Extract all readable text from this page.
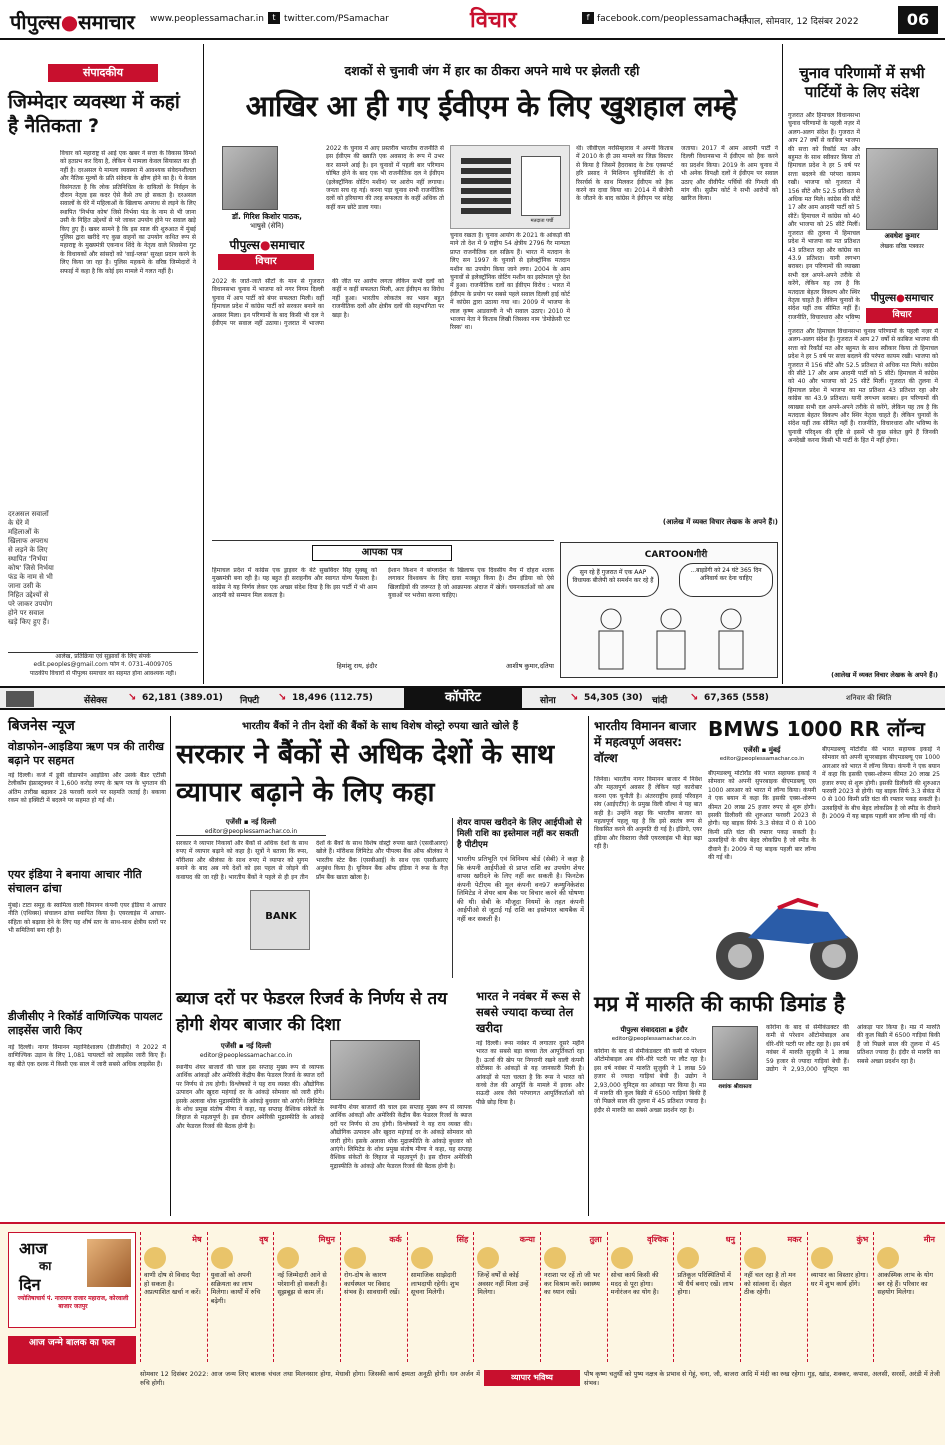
पीपुल्स●समाचार www.peoplessamachar.in	t twitter.com/PSamachar	विचार	f facebook.com/peoplessamachar1
भोपाल, सोमवार, 12 दिसंबर 2022	06
संपादकीय
जिम्मेदार व्यवस्था में कहां है नैतिकता ?
विचार को महाराष्ट्र से आई एक खबर ने सत्ता के विकास विमर्श को हतप्रभ कर दिया है, लेकिन ये मामला केवल सियासत का ही नहीं है। दरअसल ये मामला व्यवस्था में आवश्यक संवेदनशीलता और नैतिक मूल्यों के प्रति संवेदना के क्षीण होने का है। ये केवल विसंगतता है कि लोक प्रतिनिधित्व के दायित्वों के निर्वहन के दौरान नेतृत्व इस कदर ऐसे कैसे तय हो सकता है। दरअसल सवालों के घेरे में महिलाओं के खिलाफ अपराध से लड़ने के लिए स्थापित 'निर्भया कोष' जिसे निर्भया फंड के नाम से भी जाना उसी के निहित उद्देश्यों से परे जाकर उपयोग होने पर सवाल खड़े किए हुए हैं। खबर सामने है कि इस साल की शुरुआत में मुंबई पुलिस द्वारा खरीदे गए कुछ वाहनों का उपयोग कथित रूप से महाराष्ट्र के मुख्यमंत्री एकनाथ शिंदे के नेतृत्व वाले शिवसेना गुट के विधायकों और सांसदों को 'वाई-प्लस' सुरक्षा प्रदान करने के लिए किया जा रहा है। पुलिस महकमे के वरिष्ठ जिम्मेदारों ने सफाई में कहा है कि कोई इस मामले में गलत नहीं है।
दरअसल सवालों के घेरे में महिलाओं के खिलाफ अपराध से लड़ने के लिए स्थापित 'निर्भया कोष' जिसे निर्भया फंड के नाम से भी जाना उसी के निहित उद्देश्यों से परे जाकर उपयोग होने पर सवाल खड़े किए हुए हैं।
आलेख, प्रतिक्रिया एवं सुझावों के लिए संपर्क
edit.peoples@gmail.com फोन नं. 0731-4009705
पाठकीय विचारों से पीपुल्स समाचार का सहमत होना आवश्यक नहीं।
दशकों से चुनावी जंग में हार का ठीकरा अपने माथे पर झेलती रही
आखिर आ ही गए ईवीएम के लिए खुशहाल लम्हे
डॉ. गिरिश किशोर पाठक,
भाषुसे (सेनि)
पीपुल्स●समाचार
विचार
2022 के चुनाव में आए प्रस्तरीय भारतीय राजनीति से इस ईवीएम की ख्याति एक अवसाद के रूप में उभर कर सामने आई है। इन चुनावों में पहली बार परिणाम घोषित होने के बाद एक भी राजनीतिक दल ने ईवीएम (इलेक्ट्रॉनिक वोटिंग मशीन) पर आरोप नहीं लगाया। जनता सच रह गई। करना पड़ा चुनाव सभी राजनीतिक दलों को हरियाणा की तरह सफलता के कहीं अधिक तो कहीं कम छोटे डाला गया।
2022 के जाते-जाते सीटों के मान से गुजरात विधानसभा चुनाव में भाजपा को नगर निगम दिल्ली चुनाव में आप पार्टी को बंपर सफलता मिली। वहीं हिमाचल प्रदेश में कांग्रेस पार्टी को सरकार बनाने का अवसर मिला। इन परिणामों के बाद किसी भी दल ने ईवीएम पर सवाल नहीं उठाया। गुजरात में भाजपा की जीत पर आरोप लगता लेकिन सभी दलों को कहीं न कहीं सफलता मिली, अतः ईवीएम का विरोध नहीं हुआ। भारतीय लोकतंत्र का भवन बहुत राजनीतिक दलों और क्षेत्रीय दलों की सहभागिता पर खड़ा है।
मतदाता पर्ची
चुनाव रखता है। चुनाव आयोग के 2021 के आंकड़ों की माने तो देश में 9 राष्ट्रीय 54 क्षेत्रीय 2796 गैर मान्यता प्राप्त राजनीतिक दल सक्रिय हैं। भारत में मतदान के लिए सन 1997 के चुनावों से इलेक्ट्रॉनिक मतदान मशीन का उपयोग किया जाने लगा। 2004 के आम चुनावों से इलेक्ट्रॉनिक वोटिंग मशीन का इस्तेमाल पूरे देश में हुआ। राजनीतिक दलों का ईवीएम विरोध : भारत में ईवीएम के प्रयोग पर सबसे पहले सवाल दिल्ली हाई कोर्ट में कांग्रेस द्वारा उठाया गया था। 2009 में भाजपा के लाल कृष्ण आडवाणी ने भी सवाल उठाए। 2010 में भाजपा नेता ने किताब लिखी जिसका नाम 'डेमोक्रेसी एट रिस्क' था।
थी। जीवीएल नरसिम्हाराव ने अपनी किताब में 2010 के ही उस मामले का जिक्र विस्तार से किया है जिसमें हैदराबाद के टेक एक्सपर्ट हरि प्रसाद ने मिशिगन यूनिवर्सिटी के दो रिसर्चर्स के साथ मिलकर ईवीएम को हैक करने का दावा किया था। 2014 में बीजेपी के जीतने के बाद कांग्रेस ने ईवीएम पर संदेह जताया। 2017 में आम आदमी पार्टी ने दिल्ली विधानसभा में ईवीएम को हैक करने का प्रदर्शन किया। 2019 के आम चुनाव में भी अनेक विपक्षी दलों ने ईवीएम पर सवाल उठाए और वीवीपैट पर्चियों की गिनती की मांग की। सुप्रीम कोर्ट ने सभी आरोपों को खारिज किया।
(आलेख में व्यक्त विचार लेखक के अपने हैं।)
चुनाव परिणामों में सभी पार्टियों के लिए संदेश
गुजरात और हिमाचल विधानसभा चुनाव परिणामों के पहली नज़र में अलग-अलग संदेश हैं। गुजरात में आप 27 वर्षों से काबिज भाजपा की सत्ता को रिकॉर्ड मत और बहुमत के साथ स्वीकार किया तो हिमाचल प्रदेश ने हर 5 वर्ष पर सत्ता बदलने की परंपरा कायम रखी। भाजपा को गुजरात में 156 सीटें और 52.5 प्रतिशत से अधिक मत मिले। कांग्रेस की सीटें 17 और आम आदमी पार्टी को 5 सीटें। हिमाचल में कांग्रेस को 40 और भाजपा को 25 सीटें मिलीं। गुजरात की तुलना में हिमाचल प्रदेश में भाजपा का मत प्रतिशत 43 प्रतिशत रहा और कांग्रेस का 43.9 प्रतिशत। यानी लगभग बराबर। इन परिणामों की व्याख्या सभी दल अपने-अपने तरीके से करेंगे, लेकिन यह तय है कि मतदाता बेहतर विकल्प और स्थिर नेतृत्व चाहते हैं। लेकिन चुनावों के संदेश यहीं तक सीमित नहीं हैं। राजनीति, विचारधारा और भविष्य
अवधेश कुमार
लेखक वरिष्ठ पत्रकार
पीपुल्स●समाचार
विचार
गुजरात और हिमाचल विधानसभा चुनाव परिणामों के पहली नज़र में अलग-अलग संदेश हैं। गुजरात में आप 27 वर्षों से काबिज भाजपा की सत्ता को रिकॉर्ड मत और बहुमत के साथ स्वीकार किया तो हिमाचल प्रदेश ने हर 5 वर्ष पर सत्ता बदलने की परंपरा कायम रखी। भाजपा को गुजरात में 156 सीटें और 52.5 प्रतिशत से अधिक मत मिले। कांग्रेस की सीटें 17 और आम आदमी पार्टी को 5 सीटें। हिमाचल में कांग्रेस को 40 और भाजपा को 25 सीटें मिलीं। गुजरात की तुलना में हिमाचल प्रदेश में भाजपा का मत प्रतिशत 43 प्रतिशत रहा और कांग्रेस का 43.9 प्रतिशत। यानी लगभग बराबर। इन परिणामों की व्याख्या सभी दल अपने-अपने तरीके से करेंगे, लेकिन यह तय है कि मतदाता बेहतर विकल्प और स्थिर नेतृत्व चाहते हैं। लेकिन चुनावों के संदेश यहीं तक सीमित नहीं हैं। राजनीति, विचारधारा और भविष्य के चुनावी परिदृश्य की दृष्टि से इसमें भी कुछ संकेत छुपे हैं जिनकी अनदेखी करना किसी भी पार्टी के हित में नहीं होगा।
(आलेख में व्यक्त विचार लेखक के अपने हैं।)
आपका पत्र
हिमाचल प्रदेश में कांग्रेस एक ड्राइवर के बेटे सुखविंदर सिंह सुक्खू को मुख्यमंत्री बना रही है। यह बहुत ही सराहनीय और स्वागत योग्य फैसला है। कांग्रेस ने यह निर्णय लेकर एक अच्छा संदेश दिया है कि इस पार्टी में भी आम आदमी को सम्मान मिल सकता है।
हिमांशु राय, इंदौर
ईशान किशन ने बांग्लादेश के खिलाफ एक दिवसीय मैच में दोहरा शतक लगाकर विश्वकप के लिए दावा मजबूत किया है। टीम इंडिया को ऐसे खिलाड़ियों की जरूरत है जो आक्रामक अंदाज में खेलें। चयनकर्ताओं को अब युवाओं पर भरोसा करना चाहिए।
आशीष कुमार,दतिया
CARTOONगीरी
सुन रहे हैं गुजरात में एक AAP विधायक बीजेपी को समर्थन कर रहे हैं
...बाइडेंगी को 24 घंटे 365 दिन अनिवार्य कर देना चाहिए
सेंसेक्स ↘ 62,181 (389.01) निफ्टी ↘ 18,496 (112.75)	कॉर्पोरेट	सोना ↘ 54,305 (30) चांदी ↘ 67,365 (558)	शनिवार की स्थिति
बिजनेस न्यूज
वोडाफोन-आइडिया ऋण पत्र की तारीख बढ़ाने पर सहमत
नई दिल्ली। कर्ज में डूबी वोडाफोन आइडिया और उसके बैंडर एटीसी टेलीकॉम इंफ्रास्ट्रक्चर ने 1,600 करोड़ रुपए के ऋण पत्र के भुगतान की अंतिम तारीख बढ़ाकर 28 फरवरी करने पर सहमति जताई है। बकाया रकम को इक्विटी में बदलने पर सहमत हो गई थी।
एयर इंडिया ने बनाया आचार नीति संचालन ढांचा
मुंबई। टाटा समूह के स्वामित्व वाली विमानन कंपनी एयर इंडिया ने आचार नीति (एथिक्स) संचालन ढांचा स्थापित किया है। एयरलाइंस में आचार-संहिता को बढ़ावा देने के लिए यह शीर्ष स्तर के साथ-साथ क्षेत्रीय स्तरों पर भी समितियां बना रही है।
डीजीसीए ने रिकॉर्ड वाणिज्यिक पायलट लाइसेंस जारी किए
नई दिल्ली। नागर विमानन महानिदेशालय (डीजीसीए) ने 2022 में वाणिज्यिक उड़ान के लिए 1,081 पायलटों को लाइसेंस जारी किए हैं। यह बीते एक दशक में किसी एक साल में जारी सबसे अधिक लाइसेंस हैं।
भारतीय बैंकों ने तीन देशों की बैंकों के साथ विशेष वोस्ट्रो रुपया खाते खोले हैं
सरकार ने बैंकों से अधिक देशों के साथ व्यापार बढ़ाने के लिए कहा
एजेंसी ▪ नई दिल्ली
editor@peoplessamachar.co.in
सरकार ने व्यापार निकायों और बैंकों से अधिक देशों के साथ रुपए में व्यापार बढ़ाने को कहा है। सूत्रों ने बताया कि रूस, मॉरीशस और श्रीलंका के साथ रुपए में व्यापार को सुगम बनाने के बाद अब नये देशों को इस पहल से जोड़ने की कवायद की जा रही है। भारतीय बैंकों ने पहले से ही इन तीन देशों के बैंकों के साथ विशेष वोस्ट्रो रुपया खाते (एसवीआरए) खोले हैं। मॉरीशस लिमिटेड और पीपल्स बैंक ऑफ श्रीलंका ने भारतीय स्टेट बैंक (एसबीआई) के साथ एक एसवीआरए अनुबंध किया है। यूनियन बैंक ऑफ इंडिया ने रूस के गैज़ प्रॉम बैंक खाता खोला है।
BANK
शेयर वापस खरीदने के लिए आईपीओ से मिली राशि का इस्तेमाल नहीं कर सकती है पीटीएम
भारतीय प्रतिभूति एवं विनिमय बोर्ड (सेबी) ने कहा है कि कंपनी आईपीओ से प्राप्त राशि का उपयोग शेयर वापस खरीदने के लिए नहीं कर सकती है। फिनटेक कंपनी पेटीएम की मूल कंपनी वन97 कम्युनिकेशंस लिमिटेड ने शेयर बाय बैक पर विचार करने की घोषणा की थी। सेबी के मौजूदा नियमों के तहत कंपनी आईपीओ से जुटाई गई राशि का इस्तेमाल बायबैक में नहीं कर सकती है।
ब्याज दरों पर फेडरल रिजर्व के निर्णय से तय होगी शेयर बाजार की दिशा
एजेंसी ▪ नई दिल्ली
editor@peoplessamachar.co.in
स्थानीय शेयर बाजारों की चाल इस सप्ताह मुख्य रूप से व्यापक आर्थिक आंकड़ों और अमेरिकी केंद्रीय बैंक फेडरल रिजर्व के ब्याज दरों पर निर्णय से तय होगी। विश्लेषकों ने यह राय व्यक्त की। औद्योगिक उत्पादन और खुदरा महंगाई दर के आंकड़े सोमवार को जारी होंगे। इसके अलावा थोक मुद्रास्फीति के आंकड़े बुधवार को आएंगे। लिमिटेड के शोध प्रमुख संतोष मीणा ने कहा, यह सप्ताह वैश्विक संकेतों के लिहाज से महत्वपूर्ण है। इस दौरान अमेरिकी मुद्रास्फीति के आंकड़े और फेडरल रिजर्व की बैठक होनी है।
स्थानीय शेयर बाजारों की चाल इस सप्ताह मुख्य रूप से व्यापक आर्थिक आंकड़ों और अमेरिकी केंद्रीय बैंक फेडरल रिजर्व के ब्याज दरों पर निर्णय से तय होगी। विश्लेषकों ने यह राय व्यक्त की। औद्योगिक उत्पादन और खुदरा महंगाई दर के आंकड़े सोमवार को जारी होंगे। इसके अलावा थोक मुद्रास्फीति के आंकड़े बुधवार को आएंगे। लिमिटेड के शोध प्रमुख संतोष मीणा ने कहा, यह सप्ताह वैश्विक संकेतों के लिहाज से महत्वपूर्ण है। इस दौरान अमेरिकी मुद्रास्फीति के आंकड़े और फेडरल रिजर्व की बैठक होनी है।
भारत ने नवंबर में रूस से सबसे ज्यादा कच्चा तेल खरीदा
नई दिल्ली। रूस नवंबर में लगातार दूसरे महीने भारत का सबसे बड़ा कच्चा तेल आपूर्तिकर्ता रहा है। ऊर्जा की खेप पर निगरानी रखने वाली कंपनी वोर्टेक्सा के आंकड़ों से यह जानकारी मिली है। आंकड़ों से पता चलता है कि रूस ने भारत को कच्चे तेल की आपूर्ति के मामले में इराक और सऊदी अरब जैसे परंपरागत आपूर्तिकर्ताओं को पीछे छोड़ दिया है।
भारतीय विमानन बाजार में महत्वपूर्ण अवसर: वॉल्श
जिनेवा। भारतीय नागर विमानन बाजार में निवेश और महत्वपूर्ण अवसर हैं लेकिन यहां कारोबार करना एक चुनौती है। अंतरराष्ट्रीय हवाई परिवहन संघ (आईएटीए) के प्रमुख विली वॉल्श ने यह बात कही है। उन्होंने कहा कि भारतीय बाजार का महत्वपूर्ण पहलू यह है कि इसे स्वतंत्र रूप से विकसित करने की अनुमति दी गई है। इंडिगो, एयर इंडिया और विस्तारा जैसी एयरलाइंस भी बेड़ा बढ़ा रही हैं।
BMWS 1000 RR लॉन्च
एजेंसी ▪ मुंबई
editor@peoplessamachar.co.in
बीएमडब्ल्यू मोटोरॉड की भारत सहायक इकाई ने सोमवार को अपनी सुपरबाइक बीएमडब्ल्यू एस 1000 आरआर को भारत में लॉन्च किया। कंपनी ने एक बयान में कहा कि इसकी एक्स-शोरूम कीमत 20 लाख 25 हजार रुपए से शुरू होगी। इसकी डिलीवरी की शुरुआत फरवरी 2023 से होगी। यह बाइक सिर्फ 3.3 सेकंड में 0 से 100 किमी प्रति घंटा की रफ्तार पकड़ सकती है। उत्साहियों के बीच बेहद लोकप्रिय है जो स्पीड के दीवाने हैं। 2009 में यह बाइक पहली बार लॉन्च की गई थी।
बीएमडब्ल्यू मोटोरॉड की भारत सहायक इकाई ने सोमवार को अपनी सुपरबाइक बीएमडब्ल्यू एस 1000 आरआर को भारत में लॉन्च किया। कंपनी ने एक बयान में कहा कि इसकी एक्स-शोरूम कीमत 20 लाख 25 हजार रुपए से शुरू होगी। इसकी डिलीवरी की शुरुआत फरवरी 2023 से होगी। यह बाइक सिर्फ 3.3 सेकंड में 0 से 100 किमी प्रति घंटा की रफ्तार पकड़ सकती है। उत्साहियों के बीच बेहद लोकप्रिय है जो स्पीड के दीवाने हैं। 2009 में यह बाइक पहली बार लॉन्च की गई थी।
मप्र में मारुति की काफी डिमांड है
पीपुल्स संवाददाता ▪ इंदौर
editor@peoplessamachar.co.in
कोरोना के बाद से सेमीकंडक्टर की कमी से परेशान ऑटोमोबाइल अब धीरे-धीरे पटरी पर लौट रहा है। इस वर्ष नवंबर में मारुति सुजुकी ने 1 लाख 59 हजार से ज्यादा गाड़ियां बेची हैं। उद्योग ने 2,93,000 यूनिट्स का आंकड़ा पार किया है। मप्र में मारुति की कुल बिक्री में 6500 गाड़ियां बिकी हैं जो पिछले साल की तुलना में 45 प्रतिशत ज्यादा है। इंदौर से मारुति का सबसे अच्छा प्रदर्शन रहा है।
शशांक श्रीवास्तव
कोरोना के बाद से सेमीकंडक्टर की कमी से परेशान ऑटोमोबाइल अब धीरे-धीरे पटरी पर लौट रहा है। इस वर्ष नवंबर में मारुति सुजुकी ने 1 लाख 59 हजार से ज्यादा गाड़ियां बेची हैं। उद्योग ने 2,93,000 यूनिट्स का आंकड़ा पार किया है। मप्र में मारुति की कुल बिक्री में 6500 गाड़ियां बिकी हैं जो पिछले साल की तुलना में 45 प्रतिशत ज्यादा है। इंदौर से मारुति का सबसे अच्छा प्रदर्शन रहा है।
आज
का
दिन
ज्योतिषाचार्य पं. नारायण राजार महाराज, कोरवाली बाजार जतपुर
आज जन्मे बालक का फल
मेष
वाणी दोष से विवाद पैदा हो सकता है। अप्रत्याशित खर्चा न करें।
वृष
युवाओं को अपनी सक्रियता का लाभ मिलेगा। कार्यों में रुचि बढ़ेगी।
मिथुन
नई जिम्मेदारी आने से परेशानी हो सकती है। सूझबूझ से काम लें।
कर्क
रोग-दोष के कारण कार्यस्थल पर विवाद संभव है। सावधानी रखें।
सिंह
सामाजिक साझेदारी लाभदायी रहेगी। शुभ सूचना मिलेगी।
कन्या
जिन्हें वर्षों से कोई अवसर नहीं मिला उन्हें मिलेगा।
तुला
नराशा पर रहें तो जी भर कर विश्राम करें। स्वास्थ्य का ध्यान रखें।
वृश्चिक
सोचा कार्य किसी की मदद से पूरा होगा। मनोरंजन का योग है।
धनु
प्रतिकूल परिस्थितियों में भी धैर्य बनाए रखें। लाभ होगा।
मकर
नहीं चल रहा है तो मन को सांत्वना दें। सेहत ठीक रहेगी।
कुंभ
व्यापार का विस्तार होगा। घर में शुभ कार्य होंगे।
मीन
आकस्मिक लाभ के योग बन रहे हैं। परिवार का सहयोग मिलेगा।
सोमवार 12 दिसंबर 2022: आज जन्म लिए बालक चंचल तथा मिलनसार होगा, मेधावी होगा। जिसकी कार्य क्षमता अनूठी होगी। धन अर्जन में रुचि होगी।
व्यापार भविष्य	पौष कृष्ण चतुर्थी को पुष्य नक्षत्र के प्रभाव से गेहूं, चना, जौ, बाजरा आदि में मंदी का रुख रहेगा। गुड़, खांड, शक्कर, कपास, अलसी, सरसों, अरंडी में तेजी संभव।
